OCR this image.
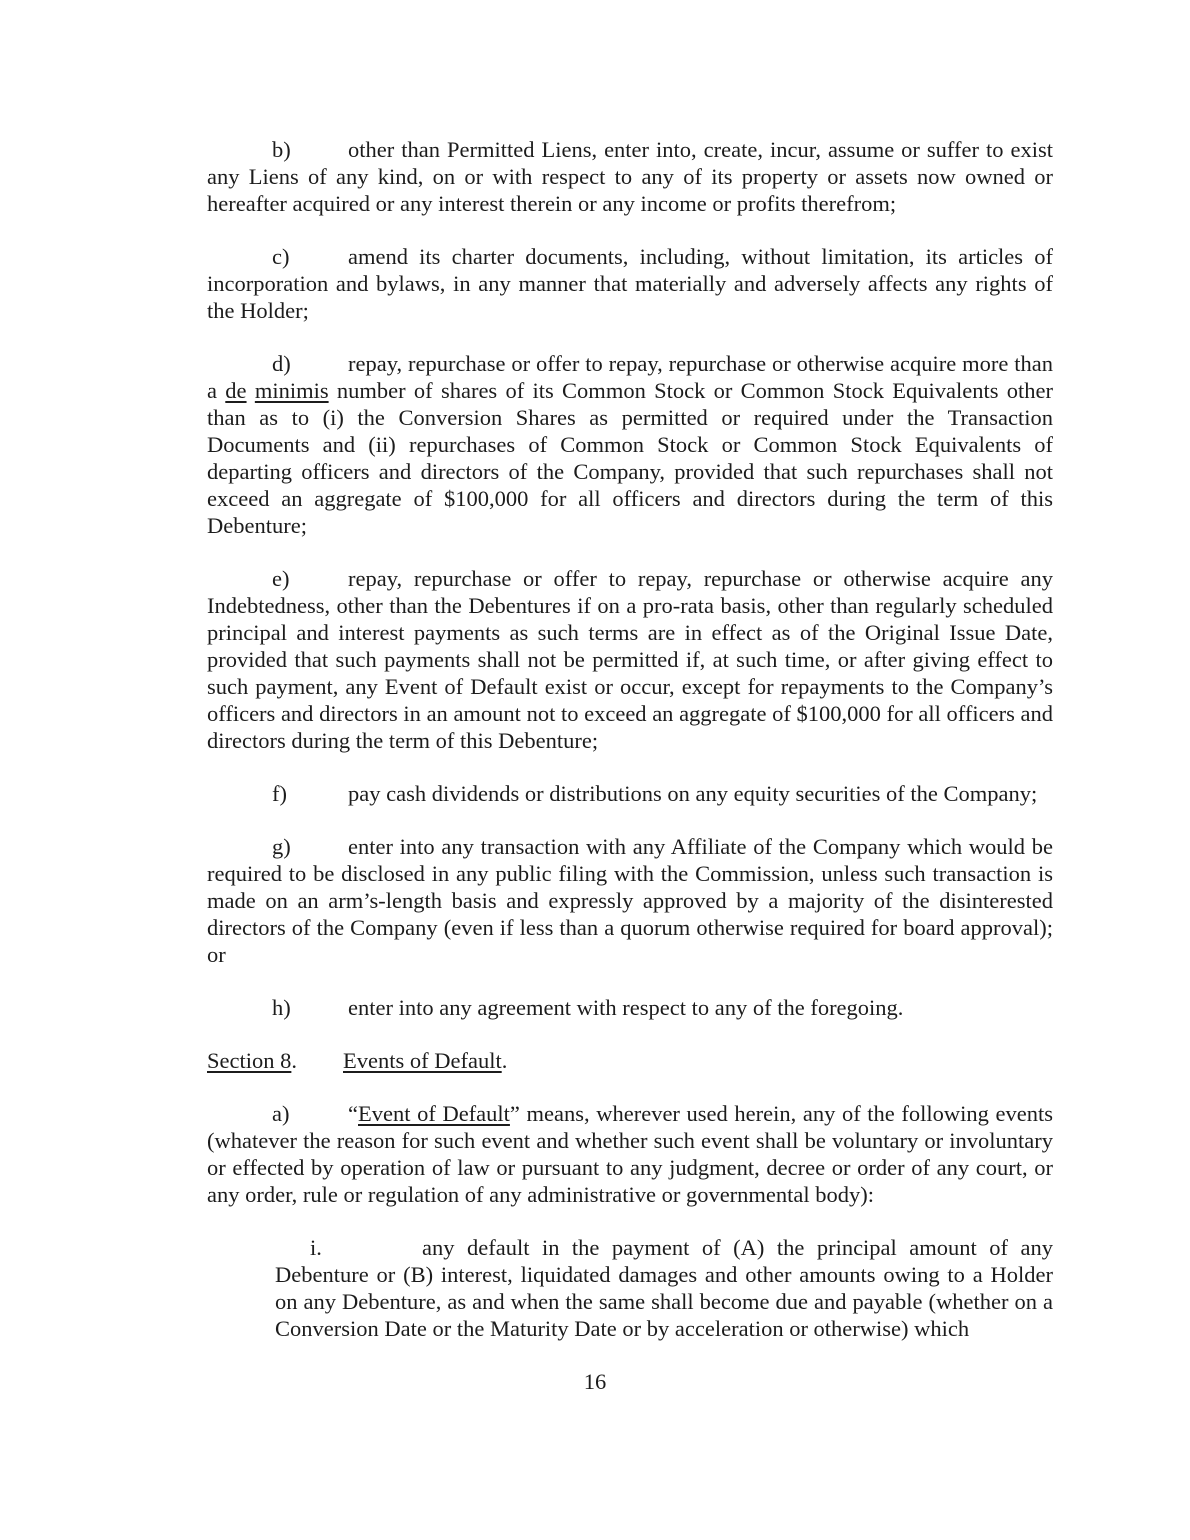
b)	other than Permitted Liens, enter into, create, incur, assume or suffer to exist any Liens of any kind, on or with respect to any of its property or assets now owned or hereafter acquired or any interest therein or any income or profits therefrom;

c)	amend its charter documents, including, without limitation, its articles of incorporation and bylaws, in any manner that materially and adversely affects any rights of the Holder;

d)	repay, repurchase or offer to repay, repurchase or otherwise acquire more than a de minimis number of shares of its Common Stock or Common Stock Equivalents other than as to (i) the Conversion Shares as permitted or required under the Transaction Documents and (ii) repurchases of Common Stock or Common Stock Equivalents of departing officers and directors of the Company, provided that such repurchases shall not exceed an aggregate of $100,000 for all officers and directors during the term of this Debenture;

e)	repay, repurchase or offer to repay, repurchase or otherwise acquire any Indebtedness, other than the Debentures if on a pro-rata basis, other than regularly scheduled principal and interest payments as such terms are in effect as of the Original Issue Date, provided that such payments shall not be permitted if, at such time, or after giving effect to such payment, any Event of Default exist or occur, except for repayments to the Company’s officers and directors in an amount not to exceed an aggregate of $100,000 for all officers and directors during the term of this Debenture;

f)	pay cash dividends or distributions on any equity securities of the Company;

g)	enter into any transaction with any Affiliate of the Company which would be required to be disclosed in any public filing with the Commission, unless such transaction is made on an arm’s-length basis and expressly approved by a majority of the disinterested directors of the Company (even if less than a quorum otherwise required for board approval); or

h)	enter into any agreement with respect to any of the foregoing.

Section 8. Events of Default.

a)	“Event of Default” means, wherever used herein, any of the following events (whatever the reason for such event and whether such event shall be voluntary or involuntary or effected by operation of law or pursuant to any judgment, decree or order of any court, or any order, rule or regulation of any administrative or governmental body):

i.	any default in the payment of (A) the principal amount of any Debenture or (B) interest, liquidated damages and other amounts owing to a Holder on any Debenture, as and when the same shall become due and payable (whether on a Conversion Date or the Maturity Date or by acceleration or otherwise) which

16
